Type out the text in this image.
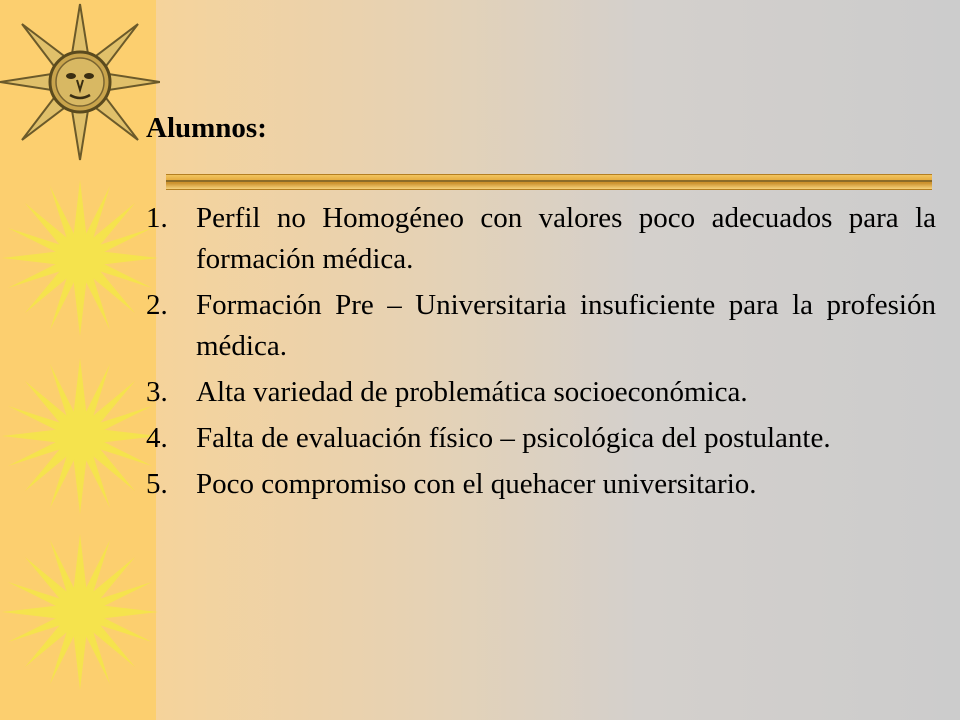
Alumnos:
1. Perfil no Homogéneo con valores poco adecuados para la formación médica.
2. Formación Pre – Universitaria insuficiente para la profesión médica.
3. Alta variedad de problemática socioeconómica.
4. Falta de evaluación físico – psicológica del postulante.
5. Poco compromiso con el quehacer universitario.
